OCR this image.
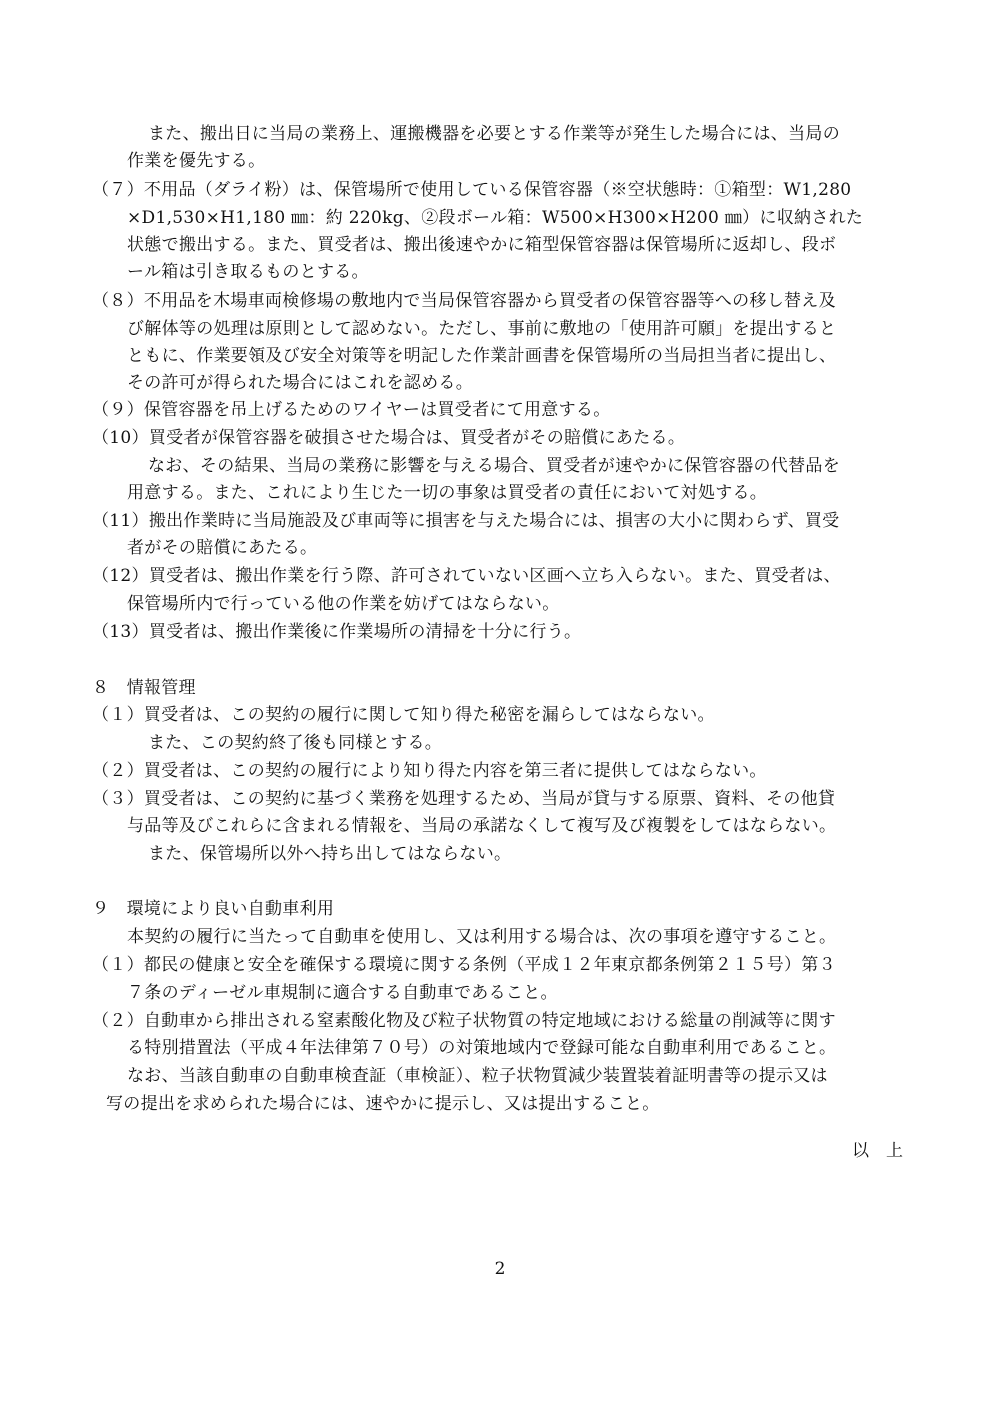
また、搬出日に当局の業務上、運搬機器を必要とする作業等が発生した場合には、当局の
作業を優先する。
（７）不用品（ダライ粉）は、保管場所で使用している保管容器（※空状態時：①箱型：W1,280
×D1,530×H1,180 ㎜：約 220kg、②段ボール箱：W500×H300×H200 ㎜）に収納された
状態で搬出する。また、買受者は、搬出後速やかに箱型保管容器は保管場所に返却し、段ボ
ール箱は引き取るものとする。
（８）不用品を木場車両検修場の敷地内で当局保管容器から買受者の保管容器等への移し替え及
び解体等の処理は原則として認めない。ただし、事前に敷地の「使用許可願」を提出すると
ともに、作業要領及び安全対策等を明記した作業計画書を保管場所の当局担当者に提出し、
その許可が得られた場合にはこれを認める。
（９）保管容器を吊上げるためのワイヤーは買受者にて用意する。
（10）買受者が保管容器を破損させた場合は、買受者がその賠償にあたる。
なお、その結果、当局の業務に影響を与える場合、買受者が速やかに保管容器の代替品を
用意する。また、これにより生じた一切の事象は買受者の責任において対処する。
（11）搬出作業時に当局施設及び車両等に損害を与えた場合には、損害の大小に関わらず、買受
者がその賠償にあたる。
（12）買受者は、搬出作業を行う際、許可されていない区画へ立ち入らない。また、買受者は、
保管場所内で行っている他の作業を妨げてはならない。
（13）買受者は、搬出作業後に作業場所の清掃を十分に行う。
８　情報管理
（１）買受者は、この契約の履行に関して知り得た秘密を漏らしてはならない。
また、この契約終了後も同様とする。
（２）買受者は、この契約の履行により知り得た内容を第三者に提供してはならない。
（３）買受者は、この契約に基づく業務を処理するため、当局が貸与する原票、資料、その他貸
与品等及びこれらに含まれる情報を、当局の承諾なくして複写及び複製をしてはならない。
また、保管場所以外へ持ち出してはならない。
９　環境により良い自動車利用
本契約の履行に当たって自動車を使用し、又は利用する場合は、次の事項を遵守すること。
（１）都民の健康と安全を確保する環境に関する条例（平成１２年東京都条例第２１５号）第３
７条のディーゼル車規制に適合する自動車であること。
（２）自動車から排出される窒素酸化物及び粒子状物質の特定地域における総量の削減等に関す
る特別措置法（平成４年法律第７０号）の対策地域内で登録可能な自動車利用であること。
なお、当該自動車の自動車検査証（車検証）、粒子状物質減少装置装着証明書等の提示又は
写の提出を求められた場合には、速やかに提示し、又は提出すること。
以　上
2
